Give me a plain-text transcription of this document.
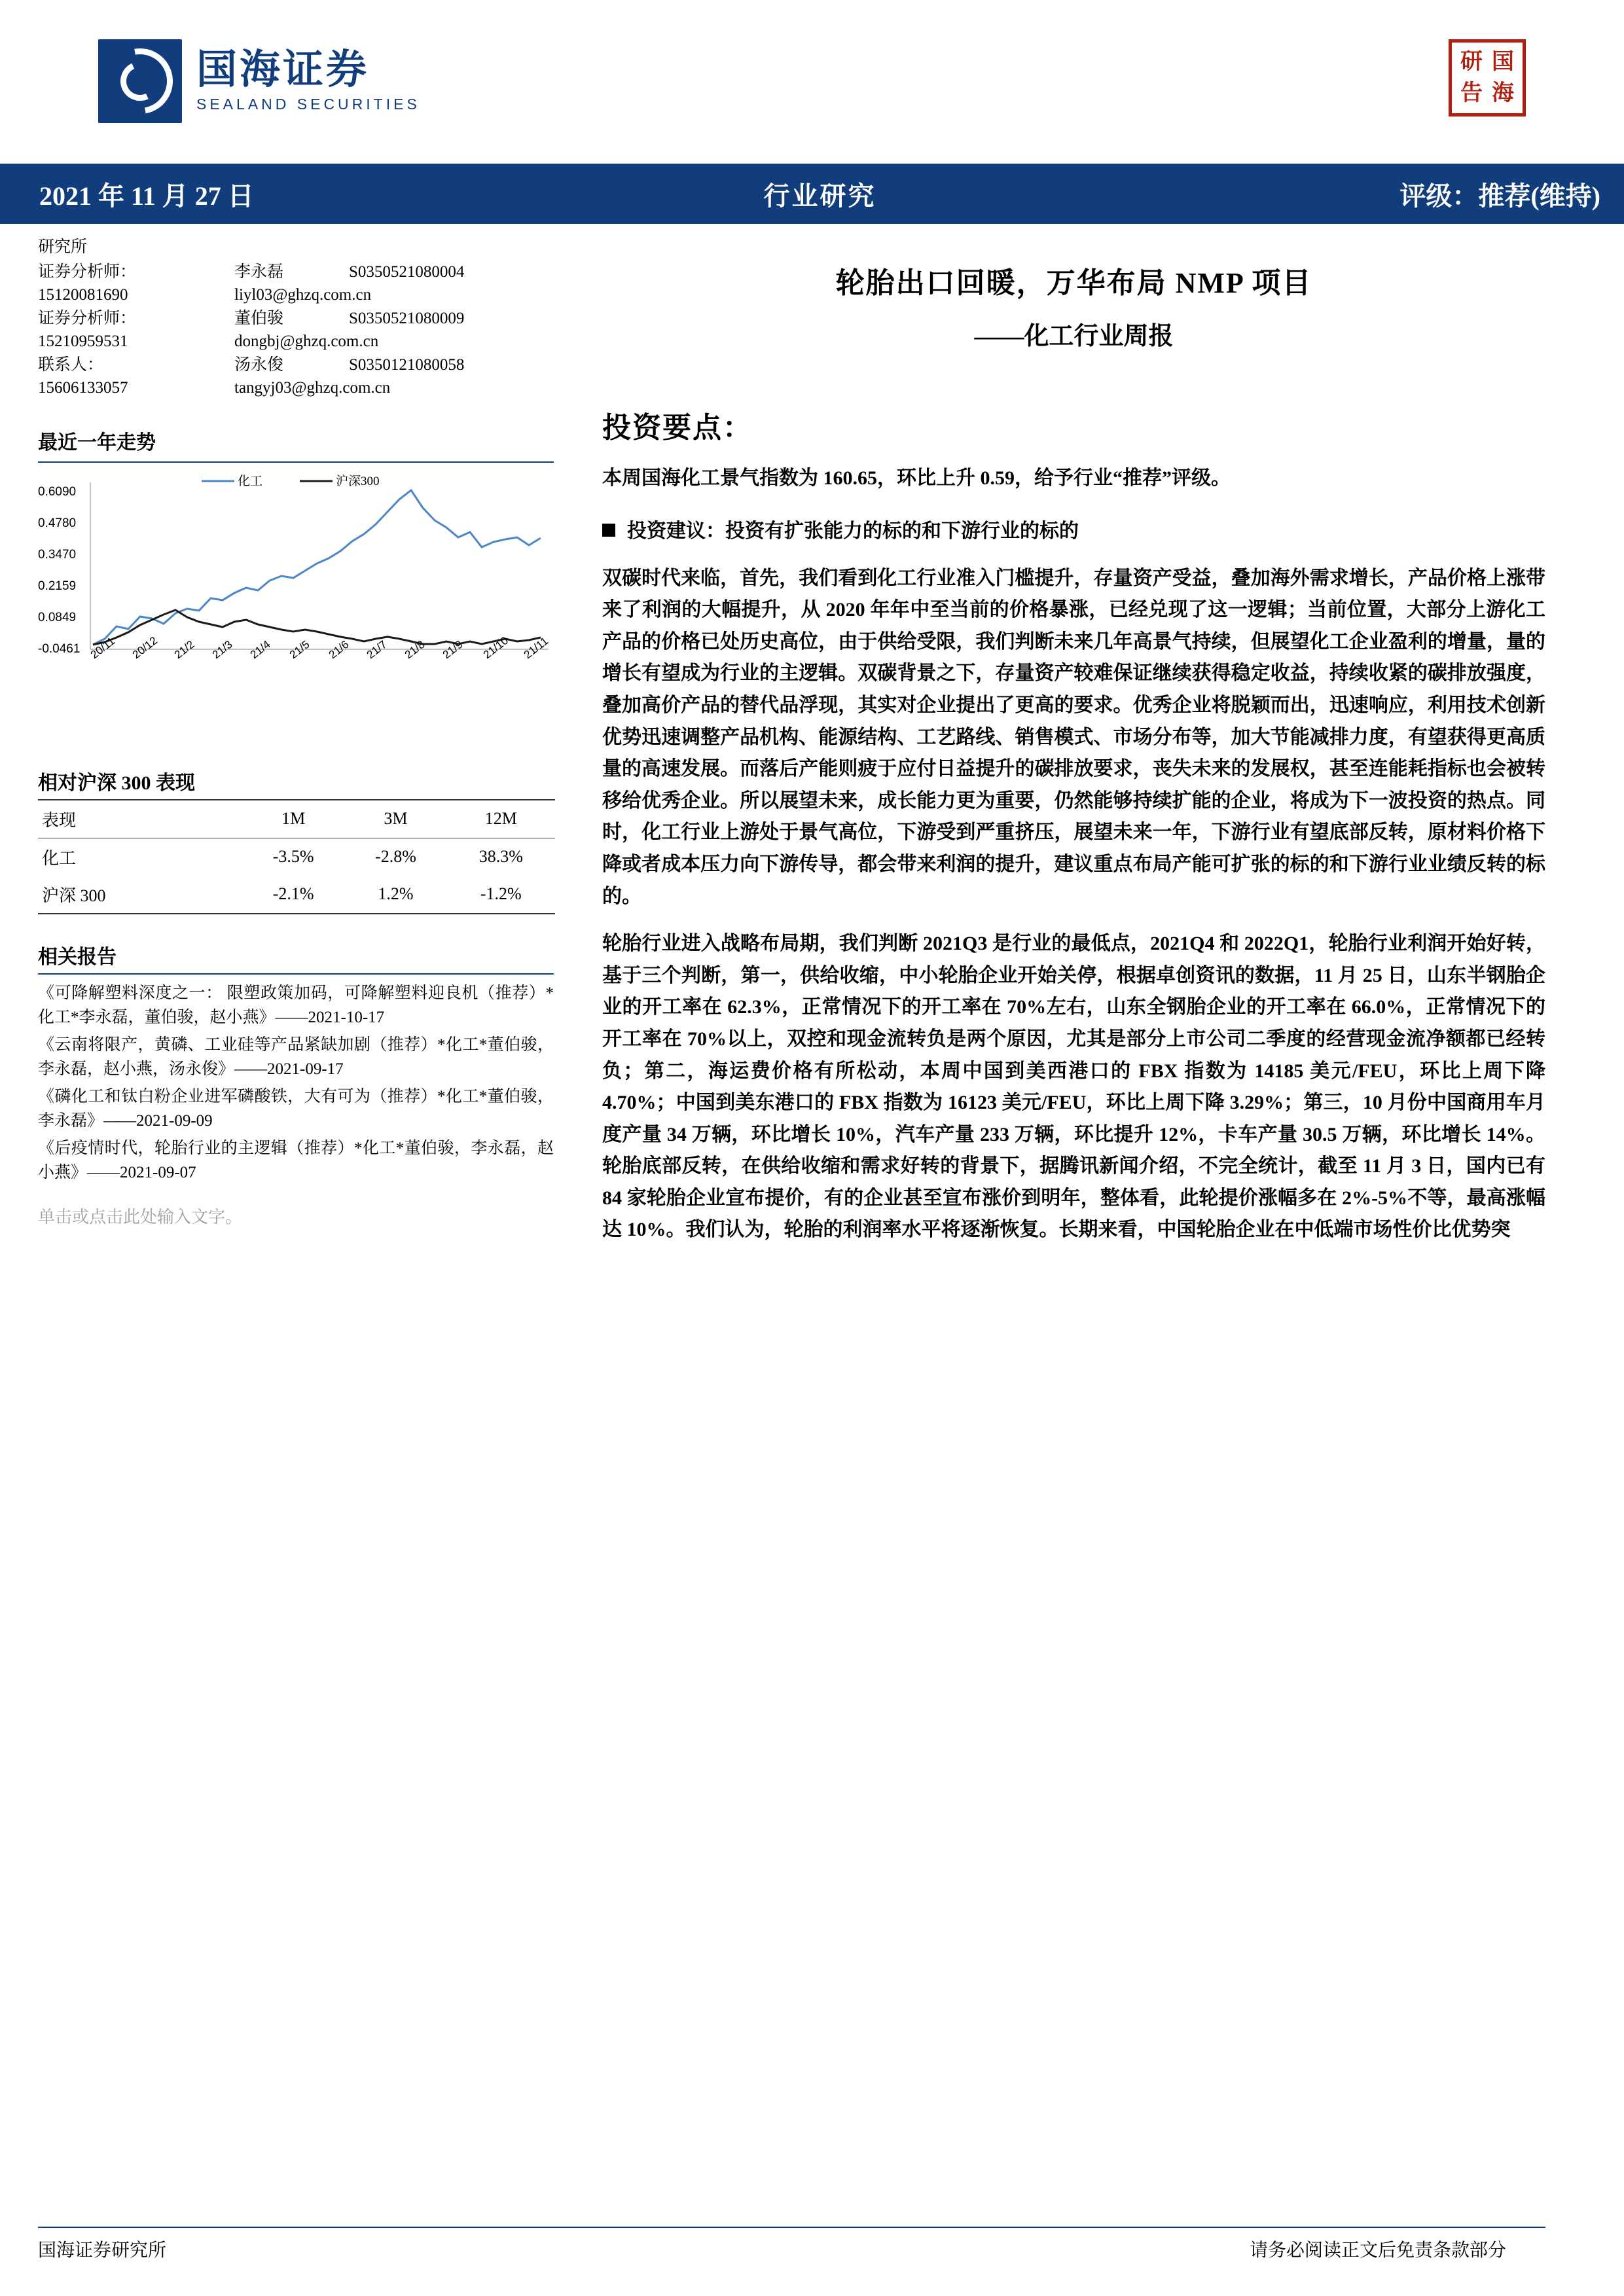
国海证券
SEALAND SECURITIES
研 国
告 海
2021 年 11 月 27 日	行业研究	评级：推荐(维持)
研究所
证券分析师：	李永磊	S0350521080004
15120081690	liyl03@ghzq.com.cn
证券分析师：	董伯骏	S0350521080009
15210959531	dongbj@ghzq.com.cn
联系人：	汤永俊	S0350121080058
15606133057	tangyj03@ghzq.com.cn
最近一年走势
0.6090
0.4780
0.3470
0.2159
0.0849
-0.0461
化工	沪深300
20/11 20/12 21/2 21/3 21/4 21/5 21/6 21/7 21/8 21/9 21/10 21/11
相对沪深 300 表现
表现	1M	3M	12M
化工	-3.5%	-2.8%	38.3%
沪深 300	-2.1%	1.2%	-1.2%
相关报告
《可降解塑料深度之一： 限塑政策加码，可降解塑料迎良机（推荐）*化工*李永磊，董伯骏，赵小燕》——2021-10-17
《云南将限产，黄磷、工业硅等产品紧缺加剧（推荐）*化工*董伯骏，李永磊，赵小燕，汤永俊》——2021-09-17
《磷化工和钛白粉企业进军磷酸铁，大有可为（推荐）*化工*董伯骏，李永磊》——2021-09-09
《后疫情时代，轮胎行业的主逻辑（推荐）*化工*董伯骏，李永磊，赵小燕》——2021-09-07
单击或点击此处输入文字。
轮胎出口回暖，万华布局 NMP 项目
——化工行业周报
投资要点：

本周国海化工景气指数为 160.65，环比上升 0.59，给予行业“推荐”评级。

投资建议：投资有扩张能力的标的和下游行业的标的

双碳时代来临，首先，我们看到化工行业准入门槛提升，存量资产受益，叠加海外需求增长，产品价格上涨带来了利润的大幅提升，从 2020 年年中至当前的价格暴涨，已经兑现了这一逻辑；当前位置，大部分上游化工产品的价格已处历史高位，由于供给受限，我们判断未来几年高景气持续，但展望化工企业盈利的增量，量的增长有望成为行业的主逻辑。双碳背景之下，存量资产较难保证继续获得稳定收益，持续收紧的碳排放强度，叠加高价产品的替代品浮现，其实对企业提出了更高的要求。优秀企业将脱颖而出，迅速响应，利用技术创新优势迅速调整产品机构、能源结构、工艺路线、销售模式、市场分布等，加大节能减排力度，有望获得更高质量的高速发展。而落后产能则疲于应付日益提升的碳排放要求，丧失未来的发展权，甚至连能耗指标也会被转移给优秀企业。所以展望未来，成长能力更为重要，仍然能够持续扩能的企业，将成为下一波投资的热点。同时，化工行业上游处于景气高位，下游受到严重挤压，展望未来一年，下游行业有望底部反转，原材料价格下降或者成本压力向下游传导，都会带来利润的提升，建议重点布局产能可扩张的标的和下游行业业绩反转的标的。

轮胎行业进入战略布局期，我们判断 2021Q3 是行业的最低点，2021Q4 和 2022Q1，轮胎行业利润开始好转，基于三个判断，第一，供给收缩，中小轮胎企业开始关停，根据卓创资讯的数据，11 月 25 日，山东半钢胎企业的开工率在 62.3%，正常情况下的开工率在 70%左右，山东全钢胎企业的开工率在 66.0%，正常情况下的开工率在 70%以上，双控和现金流转负是两个原因，尤其是部分上市公司二季度的经营现金流净额都已经转负；第二，海运费价格有所松动，本周中国到美西港口的 FBX 指数为 14185 美元/FEU，环比上周下降 4.70%；中国到美东港口的 FBX 指数为 16123 美元/FEU，环比上周下降 3.29%；第三，10 月份中国商用车月度产量 34 万辆，环比增长 10%，汽车产量 233 万辆，环比提升 12%，卡车产量 30.5 万辆，环比增长 14%。轮胎底部反转，在供给收缩和需求好转的背景下，据腾讯新闻介绍，不完全统计，截至 11 月 3 日，国内已有 84 家轮胎企业宣布提价，有的企业甚至宣布涨价到明年，整体看，此轮提价涨幅多在 2%-5%不等，最高涨幅达 10%。我们认为，轮胎的利润率水平将逐渐恢复。长期来看，中国轮胎企业在中低端市场性价比优势突

国海证券研究所	请务必阅读正文后免责条款部分
